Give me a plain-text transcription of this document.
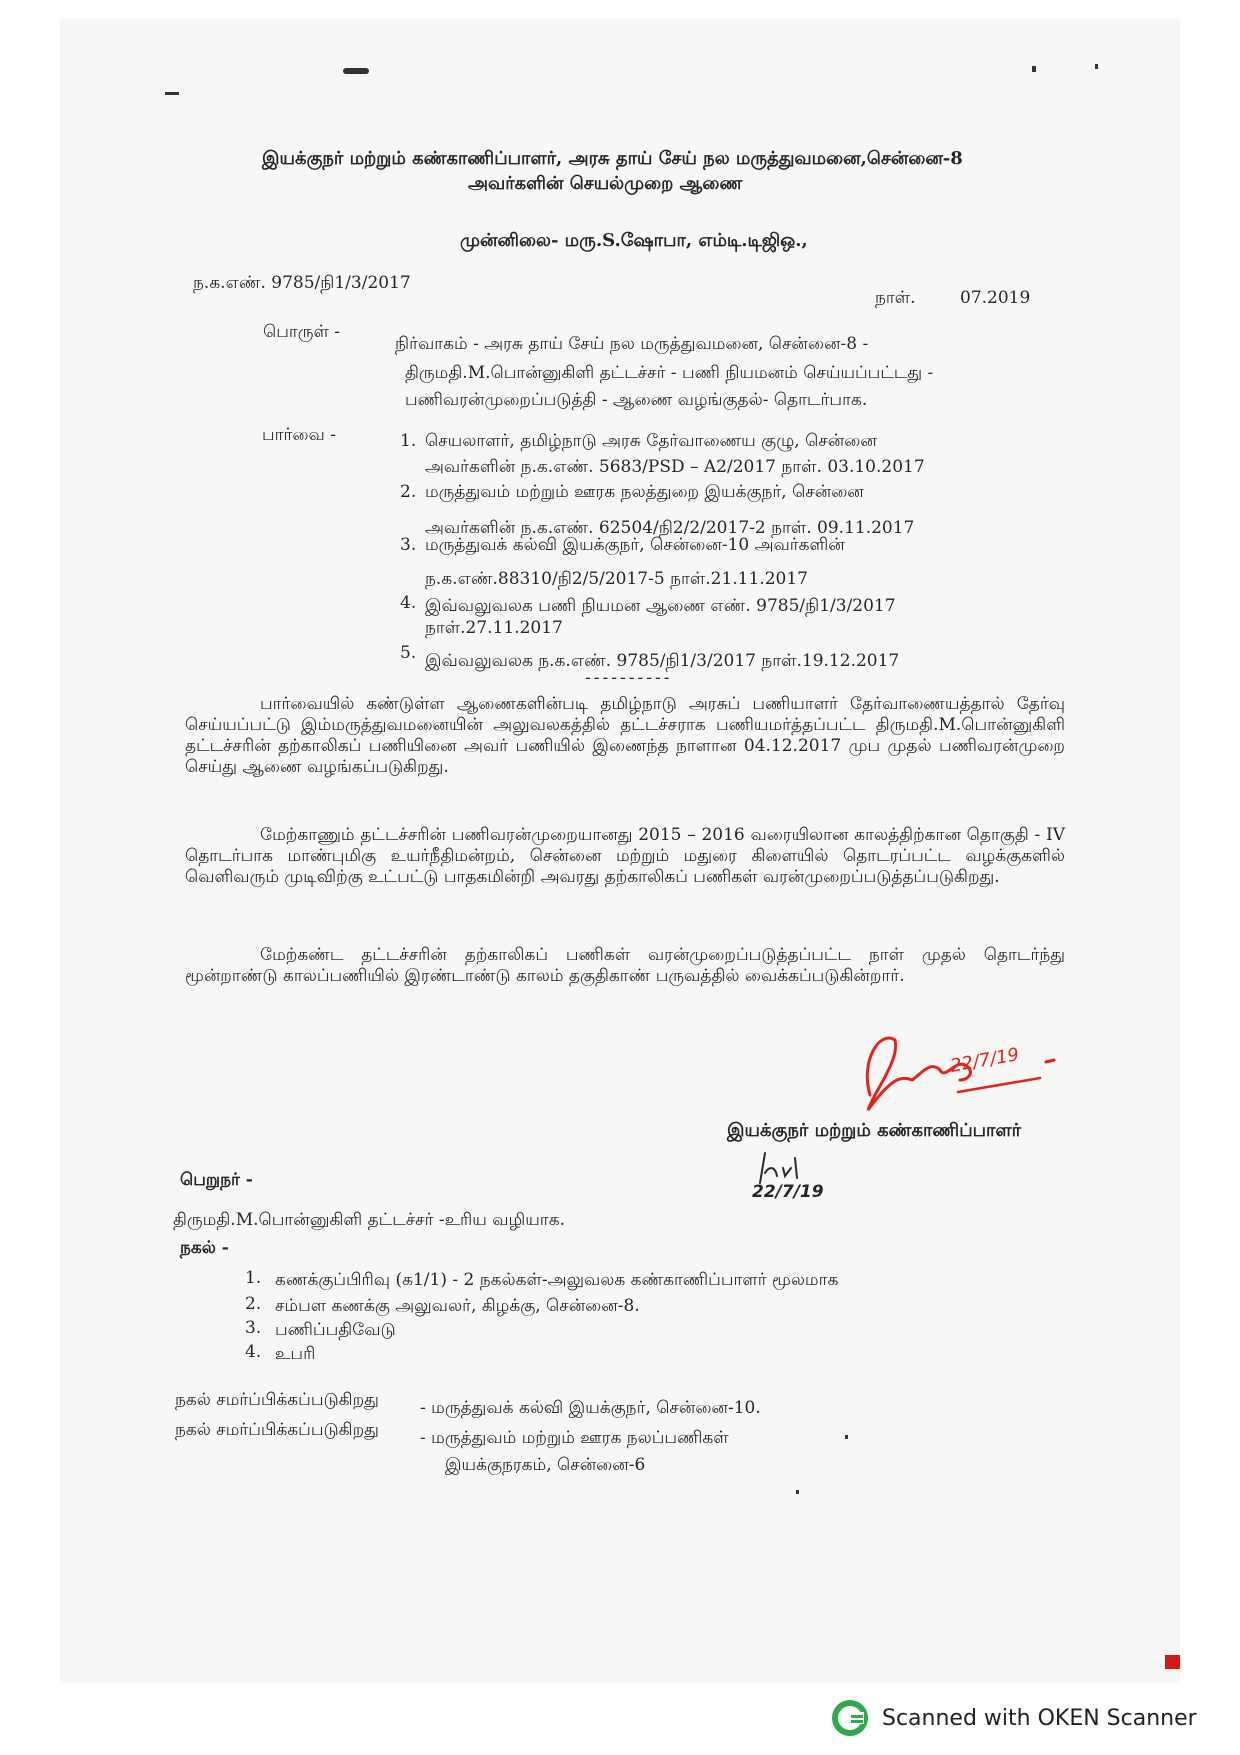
இயக்குநர் மற்றும் கண்காணிப்பாளர், அரசு தாய் சேய் நல மருத்துவமனை,சென்னை-8
அவர்களின் செயல்முறை ஆணை
முன்னிலை- மரு.S.ஷோபா, எம்டி.டிஜிஒ.,
ந.க.எண். 9785/நி1/3/2017
நாள்.	07.2019
பொருள் -
நிர்வாகம் - அரசு தாய் சேய் நல மருத்துவமனை, சென்னை-8 -
திருமதி.M.பொன்னுகிளி தட்டச்சர் - பணி நியமனம் செய்யப்பட்டது -
பணிவரன்முறைப்படுத்தி - ஆணை வழங்குதல்- தொடர்பாக.
பார்வை -	1. செயலாளர், தமிழ்நாடு அரசு தேர்வாணைய குழு, சென்னை
அவர்களின் ந.க.எண். 5683/PSD – A2/2017 நாள். 03.10.2017
2. மருத்துவம் மற்றும் ஊரக நலத்துறை இயக்குநர், சென்னை
அவர்களின் ந.க.எண். 62504/நி2/2/2017-2 நாள். 09.11.2017
3. மருத்துவக் கல்வி இயக்குநர், சென்னை-10 அவர்களின்
ந.க.எண்.88310/நி2/5/2017-5 நாள்.21.11.2017
4. இவ்வலுவலக பணி நியமன ஆணை எண். 9785/நி1/3/2017
நாள்.27.11.2017
5. இவ்வலுவலக ந.க.எண். 9785/நி1/3/2017 நாள்.19.12.2017
----------
பார்வையில் கண்டுள்ள ஆணைகளின்படி தமிழ்நாடு அரசுப் பணியாளர் தேர்வாணையத்தால் தேர்வு செய்யப்பட்டு இம்மருத்துவமனையின் அலுவலகத்தில் தட்டச்சராக பணியமர்த்தப்பட்ட திருமதி.M.பொன்னுகிளி தட்டச்சரின் தற்காலிகப் பணியினை அவர் பணியில் இணைந்த நாளான 04.12.2017 முப முதல் பணிவரன்முறை செய்து ஆணை வழங்கப்படுகிறது.
மேற்காணும் தட்டச்சரின் பணிவரன்முறையானது 2015 – 2016 வரையிலான காலத்திற்கான தொகுதி - IV தொடர்பாக மாண்புமிகு உயர்நீதிமன்றம், சென்னை மற்றும் மதுரை கிளையில் தொடரப்பட்ட வழக்குகளில் வெளிவரும் முடிவிற்கு உட்பட்டு பாதகமின்றி அவரது தற்காலிகப் பணிகள் வரன்முறைப்படுத்தப்படுகிறது.
மேற்கண்ட தட்டச்சரின் தற்காலிகப் பணிகள் வரன்முறைப்படுத்தப்பட்ட நாள் முதல் தொடர்ந்து மூன்றாண்டு காலப்பணியில் இரண்டாண்டு காலம் தகுதிகாண் பருவத்தில் வைக்கப்படுகின்றார்.
22/7/19
இயக்குநர் மற்றும் கண்காணிப்பாளர்
22/7/19
பெறுநர் -
திருமதி.M.பொன்னுகிளி தட்டச்சர் -உரிய வழியாக.
நகல் -
1. கணக்குப்பிரிவு (க1/1) - 2 நகல்கள்-அலுவலக கண்காணிப்பாளர் மூலமாக
2. சம்பள கணக்கு அலுவலர், கிழக்கு, சென்னை-8.
3. பணிப்பதிவேடு
4. உபரி
நகல் சமர்ப்பிக்கப்படுகிறது - மருத்துவக் கல்வி இயக்குநர், சென்னை-10.
நகல் சமர்ப்பிக்கப்படுகிறது - மருத்துவம் மற்றும் ஊரக நலப்பணிகள்
இயக்குநரகம், சென்னை-6
Scanned with OKEN Scanner
